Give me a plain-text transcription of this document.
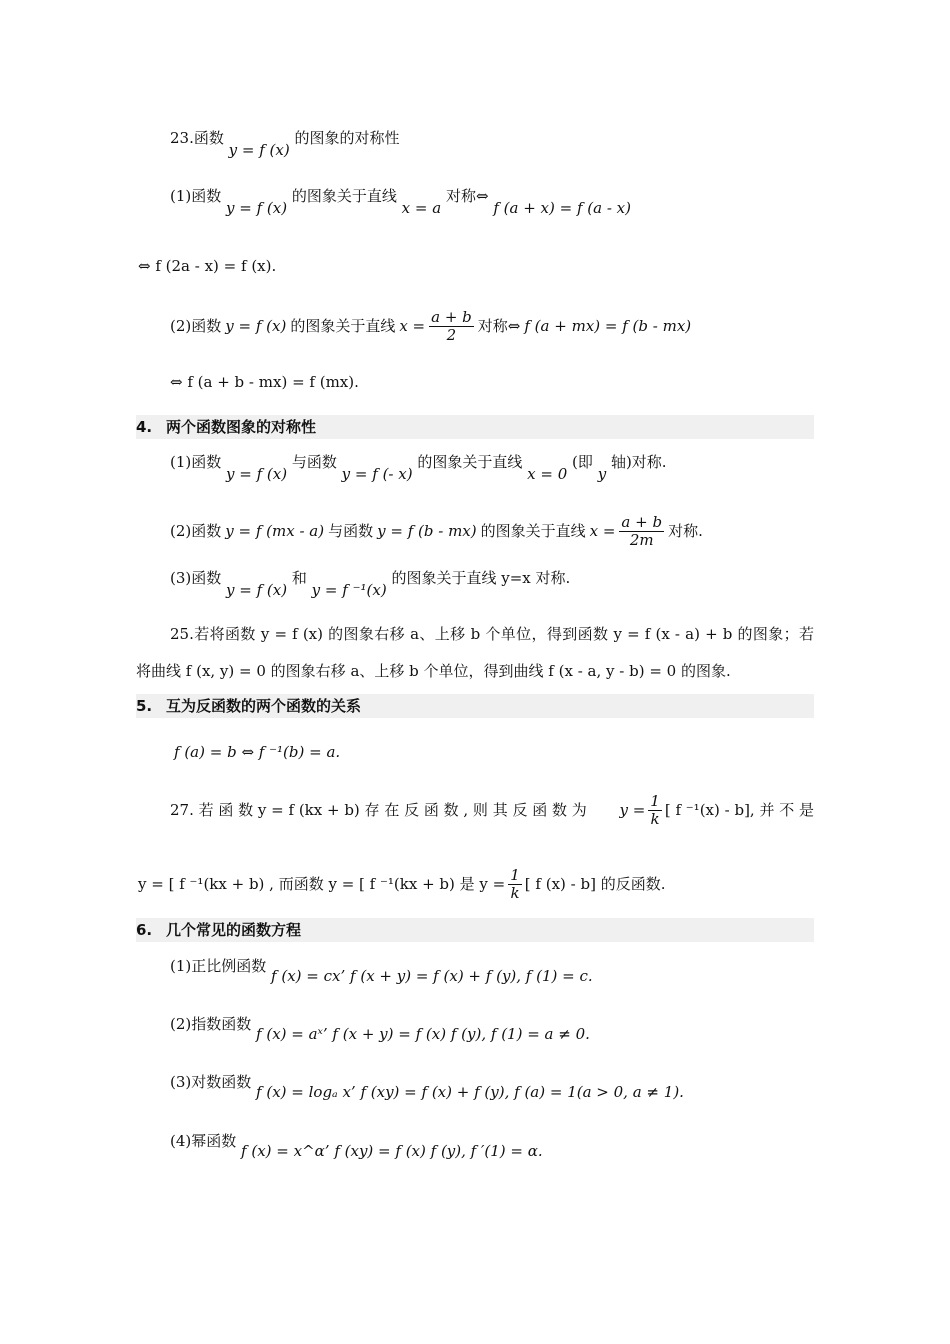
23.函数 y = f (x) 的图象的对称性
(1)函数 y = f (x) 的图象关于直线 x = a 对称⇔ f (a + x) = f (a - x)
⇔ f (2a - x) = f (x).
(2)函数 y = f (x) 的图象关于直线 $x = \frac{a + b}{2}$ 对称⇔ f (a + mx) = f (b - mx)
⇔ f (a + b - mx) = f (mx).
4. 两个函数图象的对称性
(1)函数 y = f (x) 与函数 y = f (- x) 的图象关于直线 x = 0 (即 y 轴)对称.
(2)函数 y = f (mx - a) 与函数 y = f (b - mx) 的图象关于直线 $x = \frac{a + b}{2m}$ 对称.
(3)函数 y = f (x) 和 y = f ⁻¹(x) 的图象关于直线 y=x 对称.
25.若将函数 y = f (x) 的图象右移 a、上移 b 个单位，得到函数 y = f (x - a) + b 的图象；若
将曲线 f (x, y) = 0 的图象右移 a、上移 b 个单位，得到曲线 f (x - a, y - b) = 0 的图象.
5. 互为反函数的两个函数的关系
f (a) = b ⇔ f ⁻¹(b) = a.
27. 若 函 数 y = f (kx + b) 存 在 反 函 数 , 则 其 反 函 数 为 $y = \frac{1}{k}$ [ f ⁻¹(x) - b], 并 不 是
y = [ f ⁻¹(kx + b) , 而函数 y = [ f ⁻¹(kx + b) 是 $y = \frac{1}{k}$ [ f (x) - b] 的反函数.
6. 几个常见的函数方程
(1)正比例函数 f (x) = cx’ f (x + y) = f (x) + f (y), f (1) = c.
(2)指数函数 f (x) = aˣ’ f (x + y) = f (x) f (y), f (1) = a ≠ 0.
(3)对数函数 f (x) = logₐ x’ f (xy) = f (x) + f (y), f (a) = 1(a > 0, a ≠ 1).
(4)幂函数 f (x) = x^α’ f (xy) = f (x) f (y), f ′(1) = α.
